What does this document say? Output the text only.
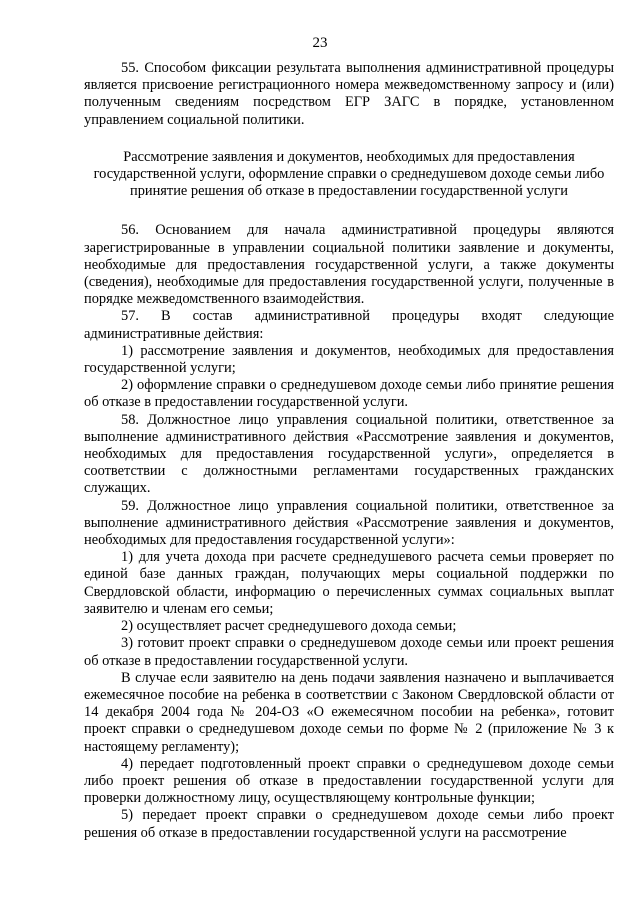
23

55. Способом фиксации результата выполнения административной процедуры является присвоение регистрационного номера межведомственному запросу и (или) полученным сведениям посредством ЕГР ЗАГС в порядке, установленном управлением социальной политики.

Рассмотрение заявления и документов, необходимых для предоставления государственной услуги, оформление справки о среднедушевом доходе семьи либо принятие решения об отказе в предоставлении государственной услуги

56. Основанием для начала административной процедуры являются зарегистрированные в управлении социальной политики заявление и документы, необходимые для предоставления государственной услуги, а также документы (сведения), необходимые для предоставления государственной услуги, полученные в порядке межведомственного взаимодействия.

57. В состав административной процедуры входят следующие административные действия:

1) рассмотрение заявления и документов, необходимых для предоставления государственной услуги;

2) оформление справки о среднедушевом доходе семьи либо принятие решения об отказе в предоставлении государственной услуги.

58. Должностное лицо управления социальной политики, ответственное за выполнение административного действия «Рассмотрение заявления и документов, необходимых для предоставления государственной услуги», определяется в соответствии с должностными регламентами государственных гражданских служащих.

59. Должностное лицо управления социальной политики, ответственное за выполнение административного действия «Рассмотрение заявления и документов, необходимых для предоставления государственной услуги»:

1) для учета дохода при расчете среднедушевого расчета семьи проверяет по единой базе данных граждан, получающих меры социальной поддержки по Свердловской области, информацию о перечисленных суммах социальных выплат заявителю и членам его семьи;

2) осуществляет расчет среднедушевого дохода семьи;

3) готовит проект справки о среднедушевом доходе семьи или проект решения об отказе в предоставлении государственной услуги.

В случае если заявителю на день подачи заявления назначено и выплачивается ежемесячное пособие на ребенка в соответствии с Законом Свердловской области от 14 декабря 2004 года № 204-ОЗ «О ежемесячном пособии на ребенка», готовит проект справки о среднедушевом доходе семьи по форме № 2 (приложение № 3 к настоящему регламенту);

4) передает подготовленный проект справки о среднедушевом доходе семьи либо проект решения об отказе в предоставлении государственной услуги для проверки должностному лицу, осуществляющему контрольные функции;

5) передает проект справки о среднедушевом доходе семьи либо проект решения об отказе в предоставлении государственной услуги на рассмотрение
